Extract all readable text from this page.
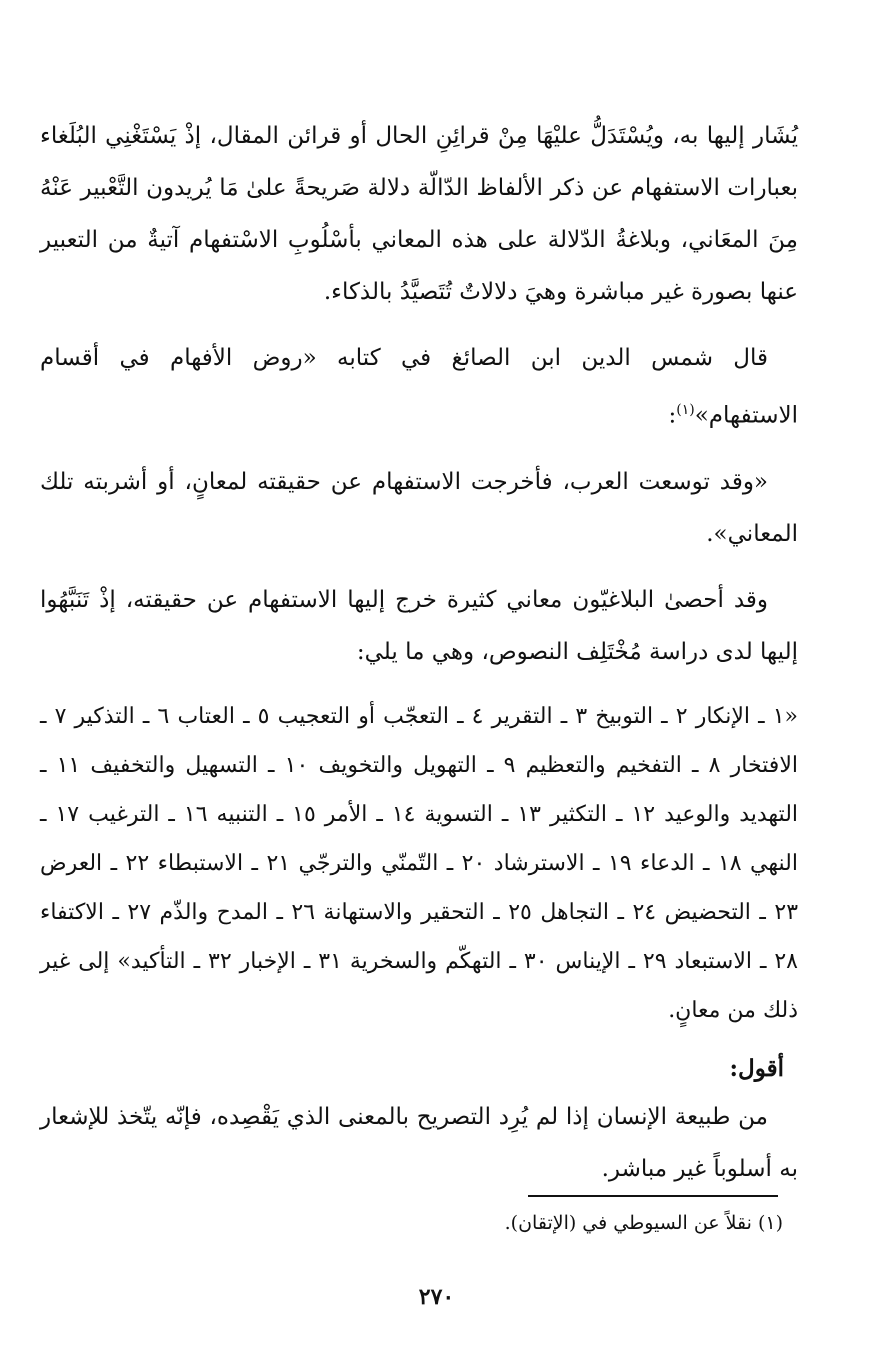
يُشَار إليها به، ويُسْتَدَلُّ عليْهَا مِنْ قرائِنِ الحال أو قرائن المقال، إذْ يَسْتَغْنِي البُلَغاء بعبارات الاستفهام عن ذكر الألفاظ الدّالّة دلالة صَريحةً علىٰ مَا يُريدون التَّعْبير عَنْهُ مِنَ المعَاني، وبلاغةُ الدّلالة على هذه المعاني بأسْلُوبِ الاسْتفهام آتيةٌ من التعبير عنها بصورة غير مباشرة وهيَ دلالاتٌ تُتَصيَّدُ بالذكاء.

قال شمس الدين ابن الصائغ في كتابه «روض الأفهام في أقسام الاستفهام»$^{(١)}$:

«وقد توسعت العرب، فأخرجت الاستفهام عن حقيقته لمعانٍ، أو أشربته تلك المعاني».

وقد أحصىٰ البلاغيّون معاني كثيرة خرج إليها الاستفهام عن حقيقته، إذْ تَنَبَّهُوا إليها لدى دراسة مُخْتَلِف النصوص، وهي ما يلي:

«١ ـ الإنكار ٢ ـ التوبيخ ٣ ـ التقرير ٤ ـ التعجّب أو التعجيب ٥ ـ العتاب ٦ ـ التذكير ٧ ـ الافتخار ٨ ـ التفخيم والتعظيم ٩ ـ التهويل والتخويف ١٠ ـ التسهيل والتخفيف ١١ ـ التهديد والوعيد ١٢ ـ التكثير ١٣ ـ التسوية ١٤ ـ الأمر ١٥ ـ التنبيه ١٦ ـ الترغيب ١٧ ـ النهي ١٨ ـ الدعاء ١٩ ـ الاسترشاد ٢٠ ـ التّمنّي والترجّي ٢١ ـ الاستبطاء ٢٢ ـ العرض ٢٣ ـ التحضيض ٢٤ ـ التجاهل ٢٥ ـ التحقير والاستهانة ٢٦ ـ المدح والذّم ٢٧ ـ الاكتفاء ٢٨ ـ الاستبعاد ٢٩ ـ الإيناس ٣٠ ـ التهكّم والسخرية ٣١ ـ الإخبار ٣٢ ـ التأكيد» إلى غير ذلك من معانٍ.

أقول:

من طبيعة الإنسان إذا لم يُرِد التصريح بالمعنى الذي يَقْصِده، فإنّه يتّخذ للإشعار به أسلوباً غير مباشر.

(١) نقلاً عن السيوطي في (الإتقان).
٢٧٠
